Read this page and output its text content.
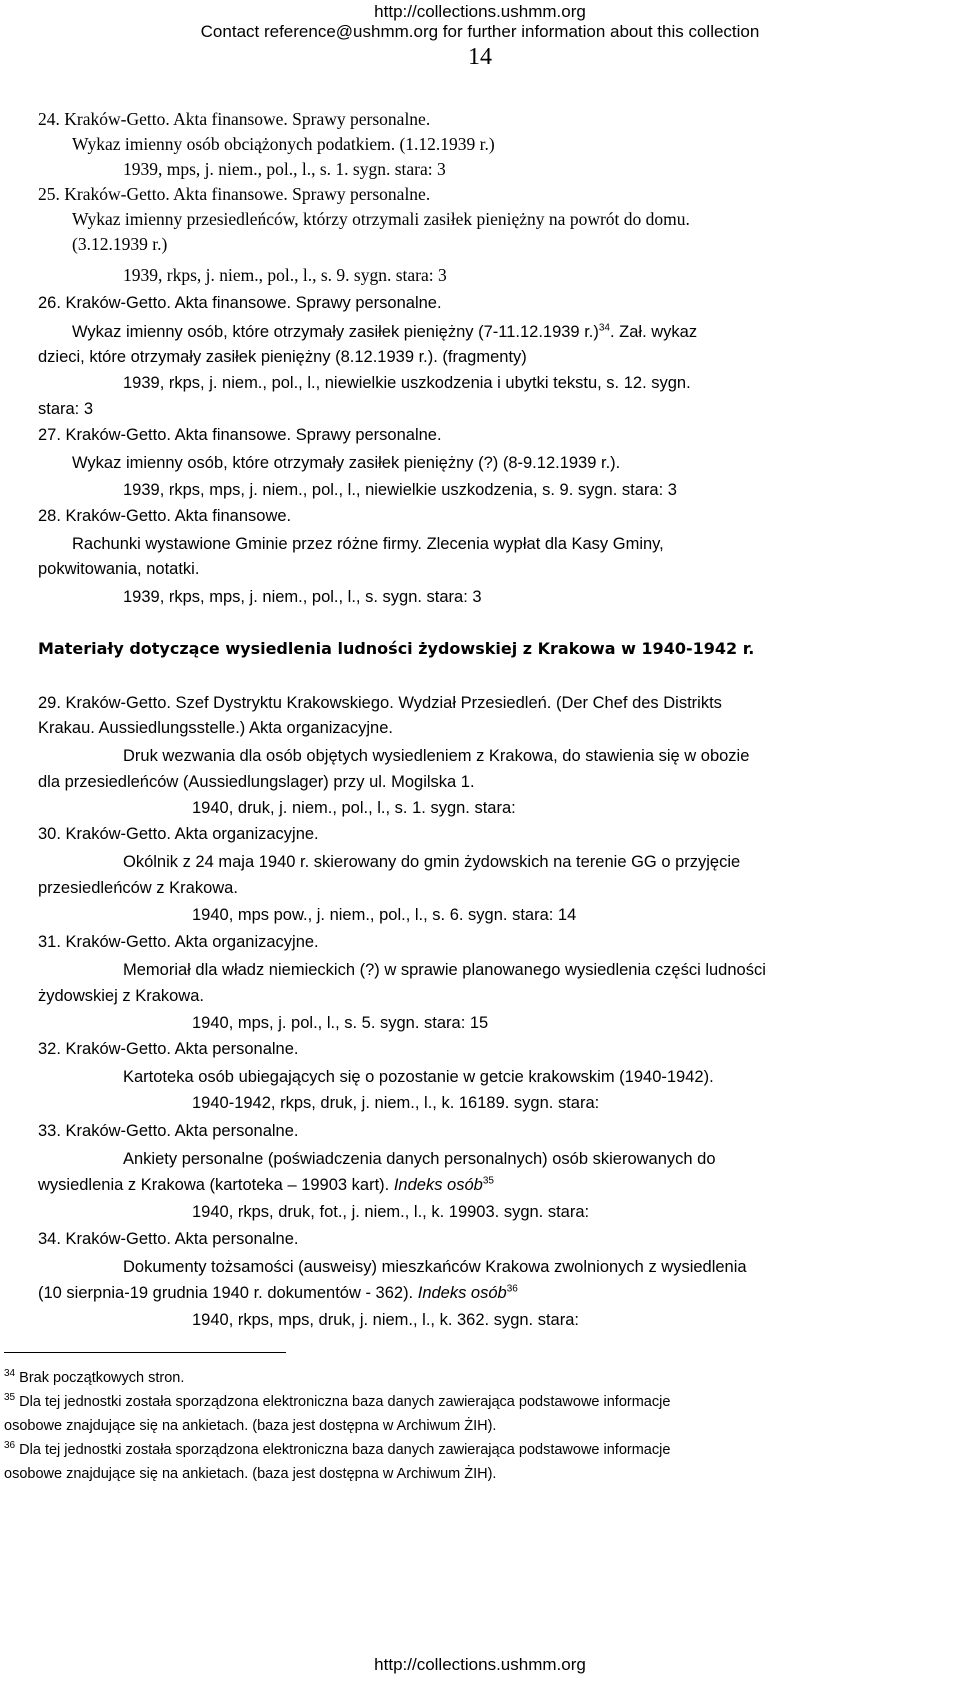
http://collections.ushmm.org
Contact reference@ushmm.org for further information about this collection
14
24. Kraków-Getto. Akta finansowe. Sprawy personalne.
Wykaz imienny osób obciążonych podatkiem. (1.12.1939 r.)
1939, mps, j. niem., pol., l., s. 1. sygn. stara: 3
25. Kraków-Getto. Akta finansowe. Sprawy personalne.
Wykaz imienny przesiedleńców, którzy otrzymali zasiłek pieniężny na powrót do domu.
(3.12.1939 r.)
1939, rkps, j. niem., pol., l., s. 9. sygn. stara: 3
26. Kraków-Getto. Akta finansowe. Sprawy personalne.
Wykaz imienny osób, które otrzymały zasiłek pieniężny (7-11.12.1939 r.)$^{34}$. Zał. wykaz
dzieci, które otrzymały zasiłek pieniężny (8.12.1939 r.). (fragmenty)
1939, rkps, j. niem., pol., l., niewielkie uszkodzenia i ubytki tekstu, s. 12. sygn.
stara: 3
27. Kraków-Getto. Akta finansowe. Sprawy personalne.
Wykaz imienny osób, które otrzymały zasiłek pieniężny (?) (8-9.12.1939 r.).
1939, rkps, mps, j. niem., pol., l., niewielkie uszkodzenia, s. 9. sygn. stara: 3
28. Kraków-Getto. Akta finansowe.
Rachunki wystawione Gminie przez różne firmy. Zlecenia wypłat dla Kasy Gminy,
pokwitowania, notatki.
1939, rkps, mps, j. niem., pol., l., s. sygn. stara: 3
Materiały dotyczące wysiedlenia ludności żydowskiej z Krakowa w 1940-1942 r.
29. Kraków-Getto. Szef Dystryktu Krakowskiego. Wydział Przesiedleń. (Der Chef des Distrikts
Krakau. Aussiedlungsstelle.) Akta organizacyjne.
Druk wezwania dla osób objętych wysiedleniem z Krakowa, do stawienia się w obozie
dla przesiedleńców (Aussiedlungslager) przy ul. Mogilska 1.
1940, druk, j. niem., pol., l., s. 1. sygn. stara:
30. Kraków-Getto. Akta organizacyjne.
Okólnik z 24 maja 1940 r. skierowany do gmin żydowskich na terenie GG o przyjęcie
przesiedleńców z Krakowa.
1940, mps pow., j. niem., pol., l., s. 6. sygn. stara: 14
31. Kraków-Getto. Akta organizacyjne.
Memoriał dla władz niemieckich (?) w sprawie planowanego wysiedlenia części ludności
żydowskiej z Krakowa.
1940, mps, j. pol., l., s. 5. sygn. stara: 15
32. Kraków-Getto. Akta personalne.
Kartoteka osób ubiegających się o pozostanie w getcie krakowskim (1940-1942).
1940-1942, rkps, druk, j. niem., l., k. 16189. sygn. stara:
33. Kraków-Getto. Akta personalne.
Ankiety personalne (poświadczenia danych personalnych) osób skierowanych do
wysiedlenia z Krakowa (kartoteka – 19903 kart). Indeks osób$^{35}$
1940, rkps, druk, fot., j. niem., l., k. 19903. sygn. stara:
34. Kraków-Getto. Akta personalne.
Dokumenty tożsamości (ausweisy) mieszkańców Krakowa zwolnionych z wysiedlenia
(10 sierpnia-19 grudnia 1940 r. dokumentów - 362). Indeks osób$^{36}$
1940, rkps, mps, druk, j. niem., l., k. 362. sygn. stara:
$^{34}$ Brak początkowych stron.
$^{35}$ Dla tej jednostki została sporządzona elektroniczna baza danych zawierająca podstawowe informacje
osobowe znajdujące się na ankietach. (baza jest dostępna w Archiwum ŻIH).
$^{36}$ Dla tej jednostki została sporządzona elektroniczna baza danych zawierająca podstawowe informacje
osobowe znajdujące się na ankietach. (baza jest dostępna w Archiwum ŻIH).
http://collections.ushmm.org
